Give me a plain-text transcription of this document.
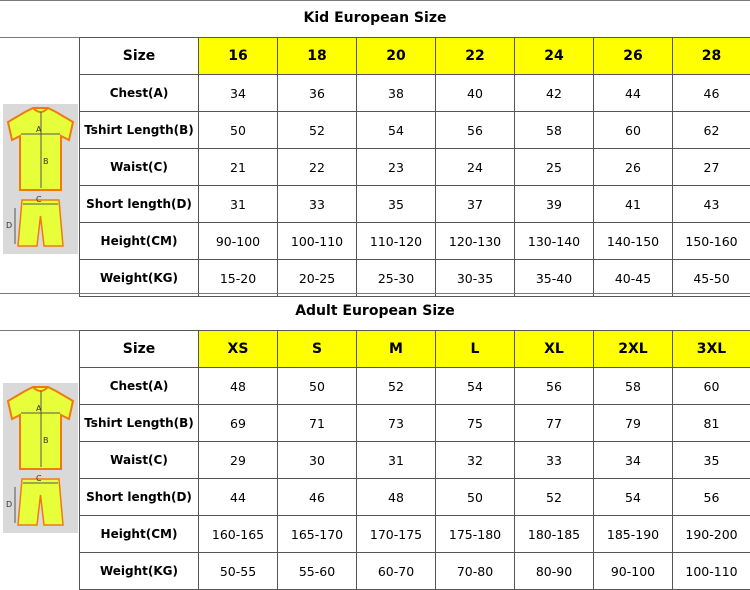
Kid European Size
A
B
C
D
Size	16	18	20	22	24	26	28
Chest(A)	34	36	38	40	42	44	46
Tshirt Length(B)	50	52	54	56	58	60	62
Waist(C)	21	22	23	24	25	26	27
Short length(D)	31	33	35	37	39	41	43
Height(CM)	90-100	100-110	110-120	120-130	130-140	140-150	150-160
Weight(KG)	15-20	20-25	25-30	30-35	35-40	40-45	45-50
Adult European Size
A
B
C
D
Size	XS	S	M	L	XL	2XL	3XL
Chest(A)	48	50	52	54	56	58	60
Tshirt Length(B)	69	71	73	75	77	79	81
Waist(C)	29	30	31	32	33	34	35
Short length(D)	44	46	48	50	52	54	56
Height(CM)	160-165	165-170	170-175	175-180	180-185	185-190	190-200
Weight(KG)	50-55	55-60	60-70	70-80	80-90	90-100	100-110
